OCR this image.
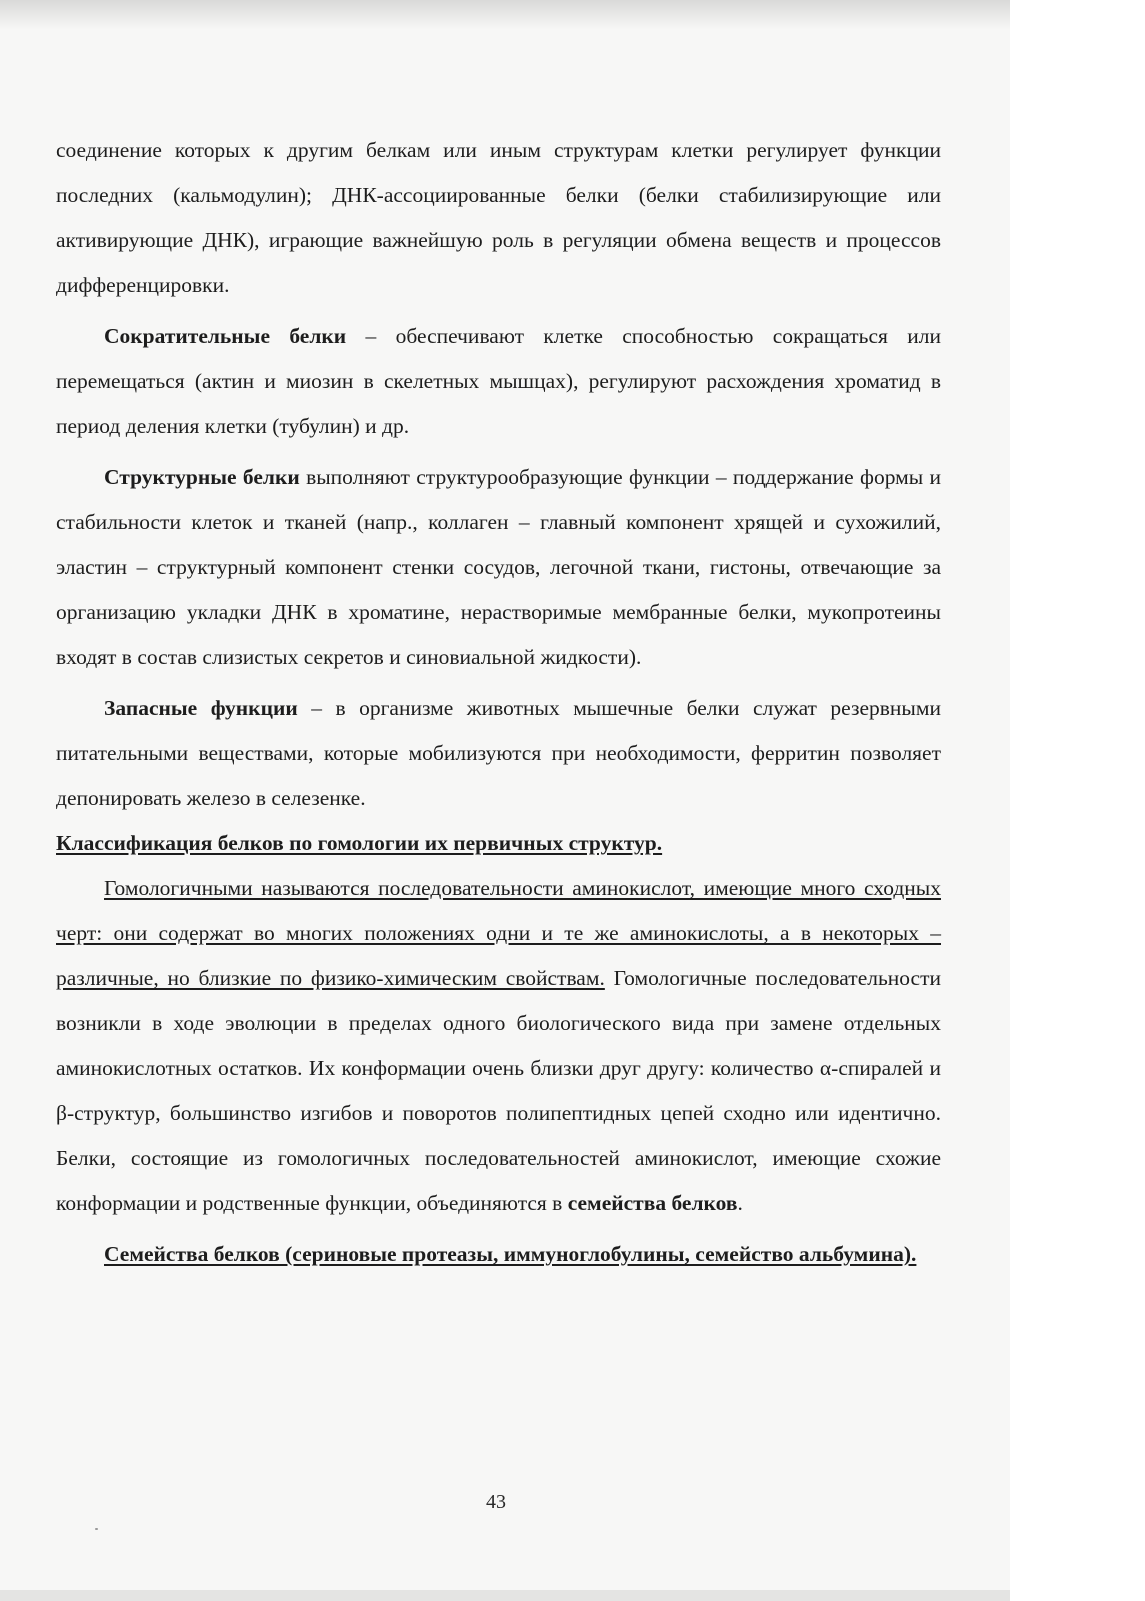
соединение которых к другим белкам или иным структурам клетки регулирует функции последних (кальмодулин); ДНК-ассоциированные белки (белки стабилизирующие или активирующие ДНК), играющие важнейшую роль в регуляции обмена веществ и процессов дифференцировки.

Сократительные белки – обеспечивают клетке способностью сокращаться или перемещаться (актин и миозин в скелетных мышцах), регулируют расхождения хроматид в период деления клетки (тубулин) и др.

Структурные белки выполняют структурообразующие функции – поддержание формы и стабильности клеток и тканей (напр., коллаген – главный компонент хрящей и сухожилий, эластин – структурный компонент стенки сосудов, легочной ткани, гистоны, отвечающие за организацию укладки ДНК в хроматине, нерастворимые мембранные белки, мукопротеины входят в состав слизистых секретов и синовиальной жидкости).

Запасные функции – в организме животных мышечные белки служат резервными питательными веществами, которые мобилизуются при необходимости, ферритин позволяет депонировать железо в селезенке.

Классификация белков по гомологии их первичных структур.

Гомологичными называются последовательности аминокислот, имеющие много сходных черт: они содержат во многих положениях одни и те же аминокислоты, а в некоторых – различные, но близкие по физико-химическим свойствам. Гомологичные последовательности возникли в ходе эволюции в пределах одного биологического вида при замене отдельных аминокислотных остатков. Их конформации очень близки друг другу: количество α-спиралей и β-структур, большинство изгибов и поворотов полипептидных цепей сходно или идентично. Белки, состоящие из гомологичных последовательностей аминокислот, имеющие схожие конформации и родственные функции, объединяются в семейства белков.

Семейства белков (сериновые протеазы, иммуноглобулины, семейство альбумина).

43
